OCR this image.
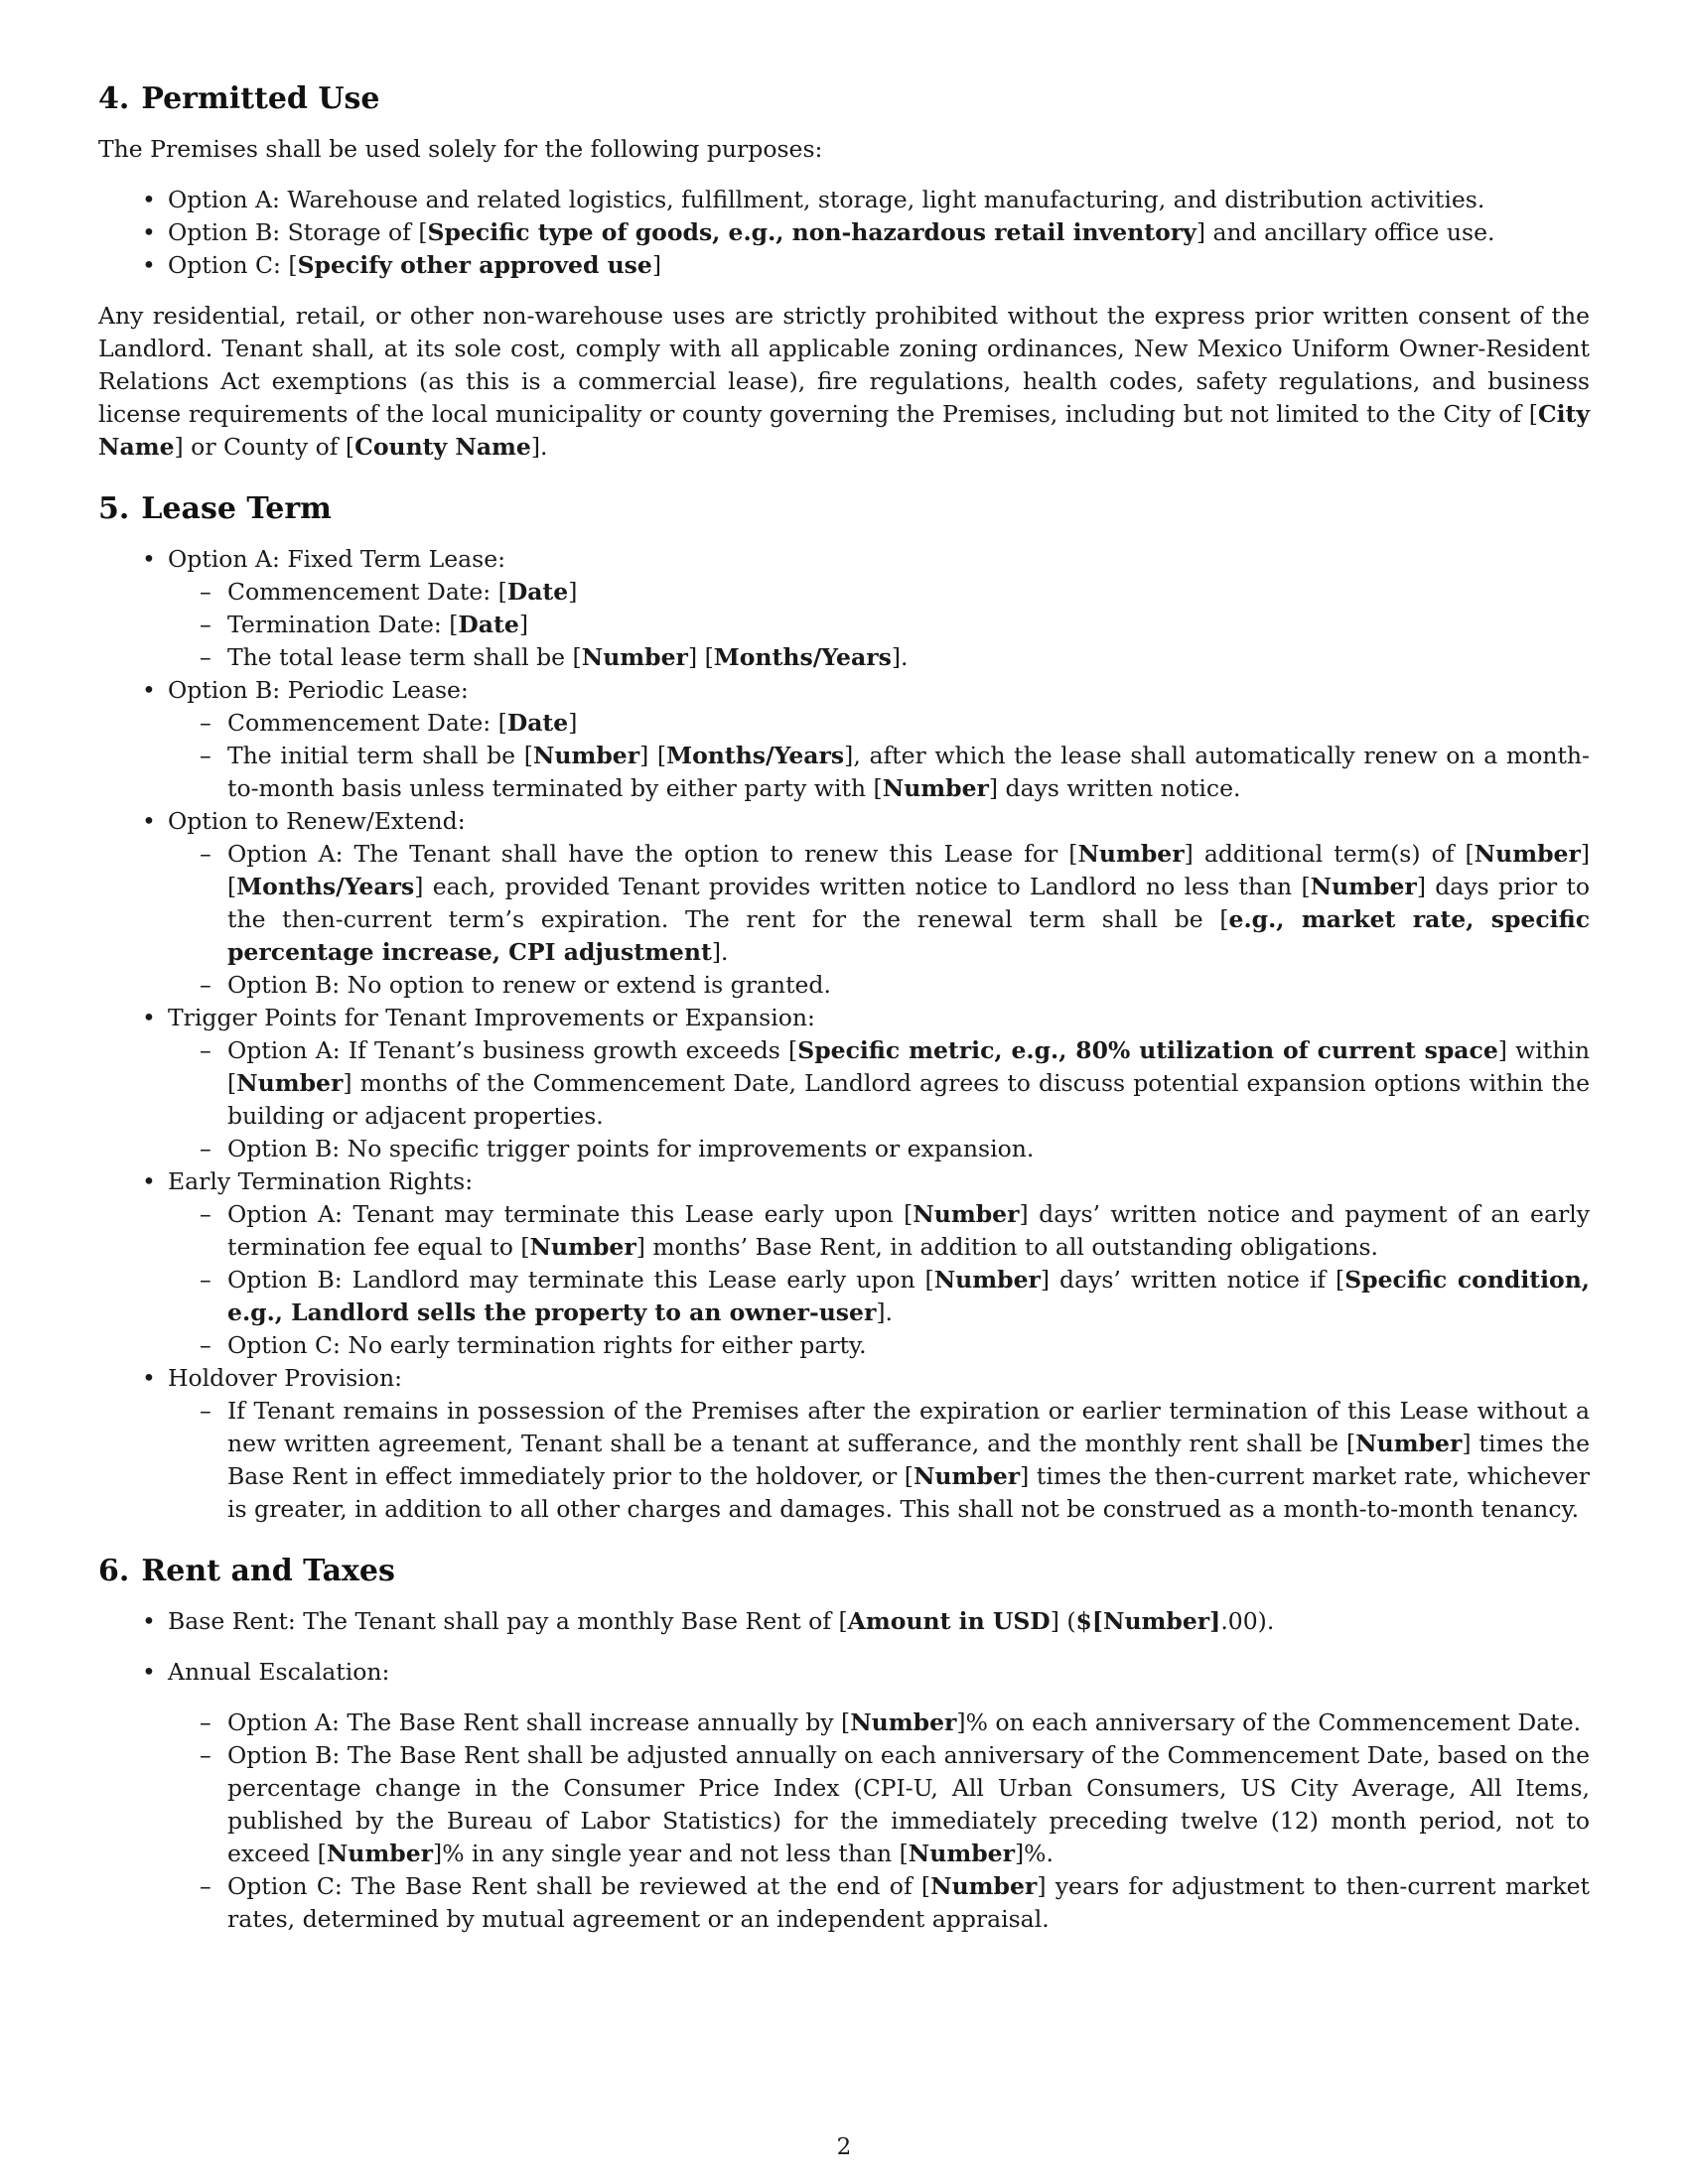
4. Permitted Use

The Premises shall be used solely for the following purposes:

• Option A: Warehouse and related logistics, fulfillment, storage, light manufacturing, and distribution activities.
• Option B: Storage of [Specific type of goods, e.g., non-hazardous retail inventory] and ancillary office use.
• Option C: [Specify other approved use]

Any residential, retail, or other non-warehouse uses are strictly prohibited without the express prior written consent of the Landlord. Tenant shall, at its sole cost, comply with all applicable zoning ordinances, New Mexico Uniform Owner-Resident Relations Act exemptions (as this is a commercial lease), fire regulations, health codes, safety regulations, and business license requirements of the local municipality or county governing the Premises, including but not limited to the City of [City Name] or County of [County Name].

5. Lease Term
• Option A: Fixed Term Lease:
– Commencement Date: [Date]
– Termination Date: [Date]
– The total lease term shall be [Number] [Months/Years].
• Option B: Periodic Lease:
– Commencement Date: [Date]
– The initial term shall be [Number] [Months/Years], after which the lease shall automatically renew on a month-to-month basis unless terminated by either party with [Number] days written notice.
• Option to Renew/Extend:
– Option A: The Tenant shall have the option to renew this Lease for [Number] additional term(s) of [Number] [Months/Years] each, provided Tenant provides written notice to Landlord no less than [Number] days prior to the then-current term’s expiration. The rent for the renewal term shall be [e.g., market rate, specific percentage increase, CPI adjustment].
– Option B: No option to renew or extend is granted.
• Trigger Points for Tenant Improvements or Expansion:
– Option A: If Tenant’s business growth exceeds [Specific metric, e.g., 80% utilization of current space] within [Number] months of the Commencement Date, Landlord agrees to discuss potential expansion options within the building or adjacent properties.
– Option B: No specific trigger points for improvements or expansion.
• Early Termination Rights:
– Option A: Tenant may terminate this Lease early upon [Number] days’ written notice and payment of an early termination fee equal to [Number] months’ Base Rent, in addition to all outstanding obligations.
– Option B: Landlord may terminate this Lease early upon [Number] days’ written notice if [Specific condition, e.g., Landlord sells the property to an owner-user].
– Option C: No early termination rights for either party.
• Holdover Provision:
– If Tenant remains in possession of the Premises after the expiration or earlier termination of this Lease without a new written agreement, Tenant shall be a tenant at sufferance, and the monthly rent shall be [Number] times the Base Rent in effect immediately prior to the holdover, or [Number] times the then-current market rate, whichever is greater, in addition to all other charges and damages. This shall not be construed as a month-to-month tenancy.
6. Rent and Taxes
• Base Rent: The Tenant shall pay a monthly Base Rent of [Amount in USD] ($[Number].00).
• Annual Escalation:
– Option A: The Base Rent shall increase annually by [Number]% on each anniversary of the Commencement Date.
– Option B: The Base Rent shall be adjusted annually on each anniversary of the Commencement Date, based on the percentage change in the Consumer Price Index (CPI-U, All Urban Consumers, US City Average, All Items, published by the Bureau of Labor Statistics) for the immediately preceding twelve (12) month period, not to exceed [Number]% in any single year and not less than [Number]%.
– Option C: The Base Rent shall be reviewed at the end of [Number] years for adjustment to then-current market rates, determined by mutual agreement or an independent appraisal.
2
